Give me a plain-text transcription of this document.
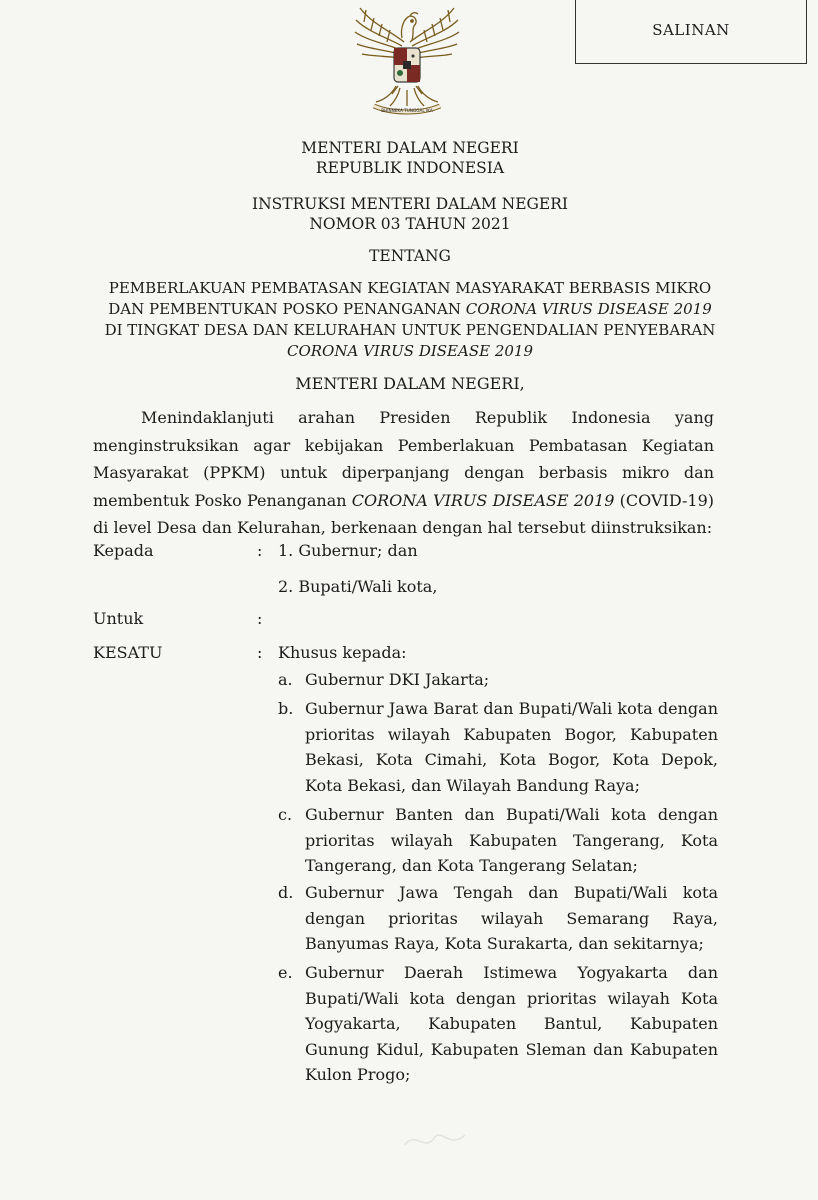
BHINNEKA TUNGGAL IKA
SALINAN
MENTERI DALAM NEGERI
REPUBLIK INDONESIA
INSTRUKSI MENTERI DALAM NEGERI
NOMOR 03 TAHUN 2021
TENTANG
PEMBERLAKUAN PEMBATASAN KEGIATAN MASYARAKAT BERBASIS MIKRO
DAN PEMBENTUKAN POSKO PENANGANAN CORONA VIRUS DISEASE 2019
DI TINGKAT DESA DAN KELURAHAN UNTUK PENGENDALIAN PENYEBARAN
CORONA VIRUS DISEASE 2019
MENTERI DALAM NEGERI,
Menindaklanjuti arahan Presiden Republik Indonesia yang menginstruksikan agar kebijakan Pemberlakuan Pembatasan Kegiatan Masyarakat (PPKM) untuk diperpanjang dengan berbasis mikro dan membentuk Posko Penanganan CORONA VIRUS DISEASE 2019 (COVID-19) di level Desa dan Kelurahan, berkenaan dengan hal tersebut diinstruksikan:
Kepada	: 1. Gubernur; dan
2. Bupati/Wali kota,
Untuk	:
KESATU	: Khusus kepada:
a. Gubernur DKI Jakarta;
b. Gubernur Jawa Barat dan Bupati/Wali kota dengan prioritas wilayah Kabupaten Bogor, Kabupaten Bekasi, Kota Cimahi, Kota Bogor, Kota Depok, Kota Bekasi, dan Wilayah Bandung Raya;
c. Gubernur Banten dan Bupati/Wali kota dengan prioritas wilayah Kabupaten Tangerang, Kota Tangerang, dan Kota Tangerang Selatan;
d. Gubernur Jawa Tengah dan Bupati/Wali kota dengan prioritas wilayah Semarang Raya, Banyumas Raya, Kota Surakarta, dan sekitarnya;
e. Gubernur Daerah Istimewa Yogyakarta dan Bupati/Wali kota dengan prioritas wilayah Kota Yogyakarta, Kabupaten Bantul, Kabupaten Gunung Kidul, Kabupaten Sleman dan Kabupaten Kulon Progo;
